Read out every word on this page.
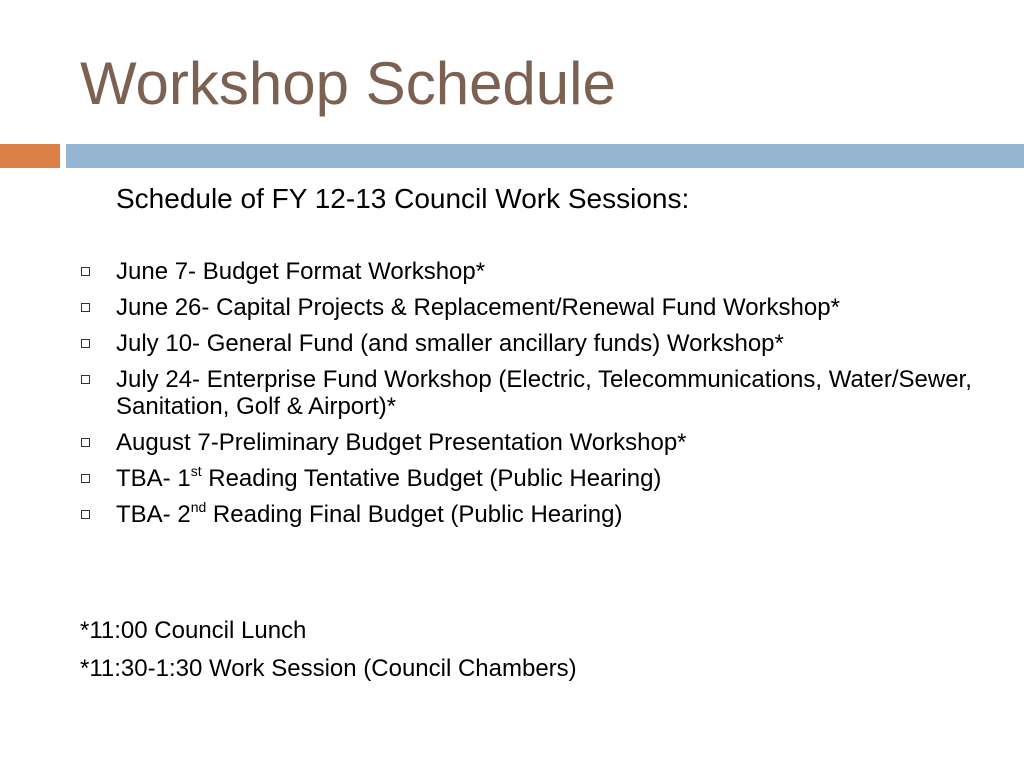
Workshop Schedule

Schedule of FY 12-13 Council Work Sessions:

June 7- Budget Format Workshop*
June 26- Capital Projects & Replacement/Renewal Fund Workshop*
July 10- General Fund (and smaller ancillary funds) Workshop*
July 24- Enterprise Fund Workshop (Electric, Telecommunications, Water/Sewer, Sanitation, Golf & Airport)*
August 7-Preliminary Budget Presentation Workshop*
TBA- 1st Reading Tentative Budget (Public Hearing)
TBA- 2nd Reading Final Budget (Public Hearing)
*11:00 Council Lunch
*11:30-1:30 Work Session (Council Chambers)
